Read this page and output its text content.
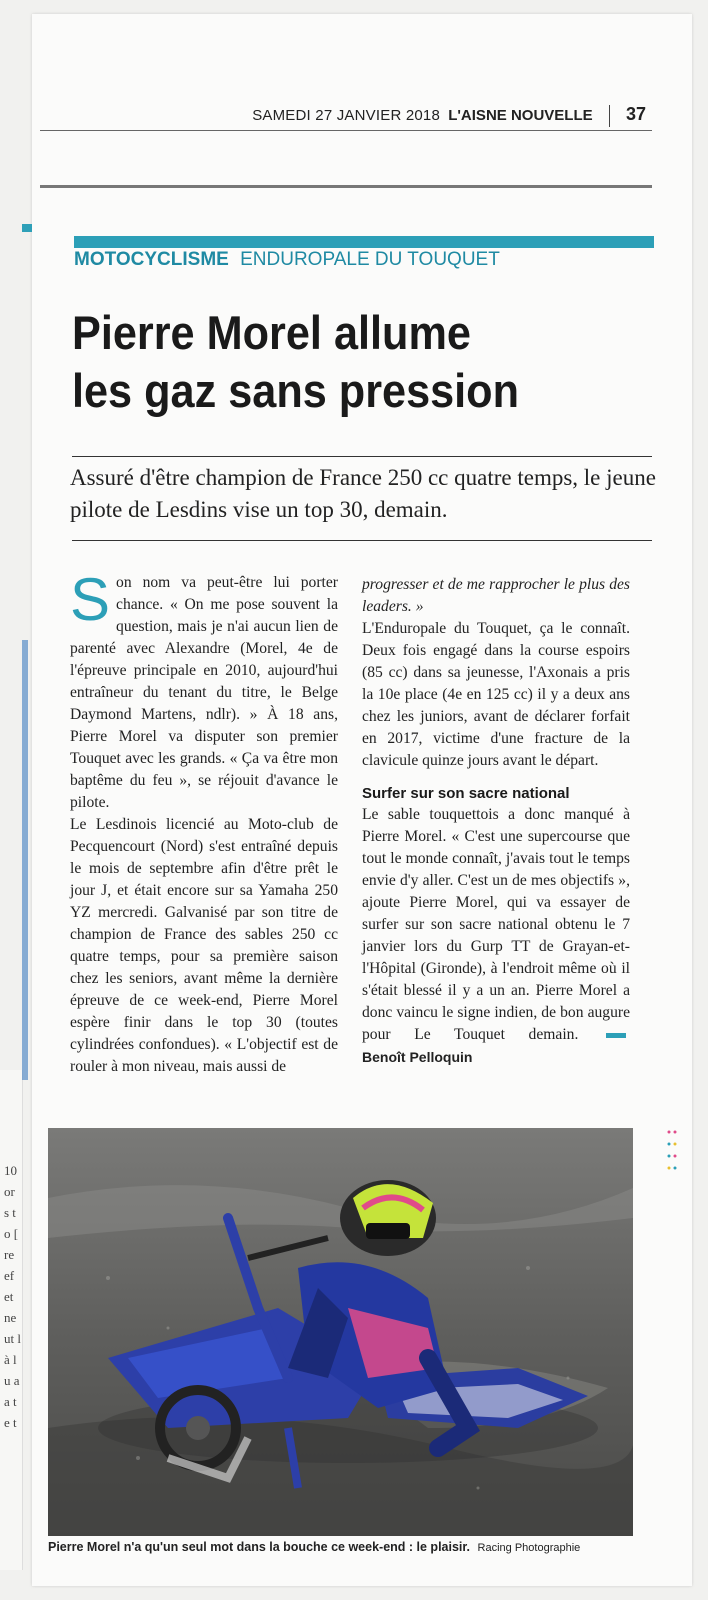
10 or s to [ re ef et ne ut là lu a a t e t
SAMEDI 27 JANVIER 2018 L'AISNE NOUVELLE 37
MOTOCYCLISME ENDUROPALE DU TOUQUET
Pierre Morel allume
les gaz sans pression
Assuré d'être champion de France 250 cc quatre temps, le jeune pilote de Lesdins vise un top 30, demain.

S on nom va peut-être lui porter chance. « On me pose souvent la question, mais je n'ai aucun lien de parenté avec Alexandre (Morel, 4e de l'épreuve principale en 2010, aujourd'hui entraîneur du tenant du titre, le Belge Daymond Martens, ndlr). » À 18 ans, Pierre Morel va disputer son premier Touquet avec les grands. « Ça va être mon baptême du feu », se réjouit d'avance le pilote.

Le Lesdinois licencié au Moto-club de Pecquencourt (Nord) s'est entraîné depuis le mois de septembre afin d'être prêt le jour J, et était encore sur sa Yamaha 250 YZ mercredi. Galvanisé par son titre de champion de France des sables 250 cc quatre temps, pour sa première saison chez les seniors, avant même la dernière épreuve de ce week-end, Pierre Morel espère finir dans le top 30 (toutes cylindrées confondues). « L'objectif est de rouler à mon niveau, mais aussi de

progresser et de me rapprocher le plus des leaders. »

L'Enduropale du Touquet, ça le connaît. Deux fois engagé dans la course espoirs (85 cc) dans sa jeunesse, l'Axonais a pris la 10e place (4e en 125 cc) il y a deux ans chez les juniors, avant de déclarer forfait en 2017, victime d'une fracture de la clavicule quinze jours avant le départ.

Surfer sur son sacre national

Le sable touquettois a donc manqué à Pierre Morel. « C'est une supercourse que tout le monde connaît, j'avais tout le temps envie d'y aller. C'est un de mes objectifs », ajoute Pierre Morel, qui va essayer de surfer sur son sacre national obtenu le 7 janvier lors du Gurp TT de Grayan-et-l'Hôpital (Gironde), à l'endroit même où il s'était blessé il y a un an. Pierre Morel a donc vaincu le signe indien, de bon augure pour Le Touquet demain. Benoît Pelloquin

Pierre Morel n'a qu'un seul mot dans la bouche ce week-end : le plaisir. Racing Photographie
